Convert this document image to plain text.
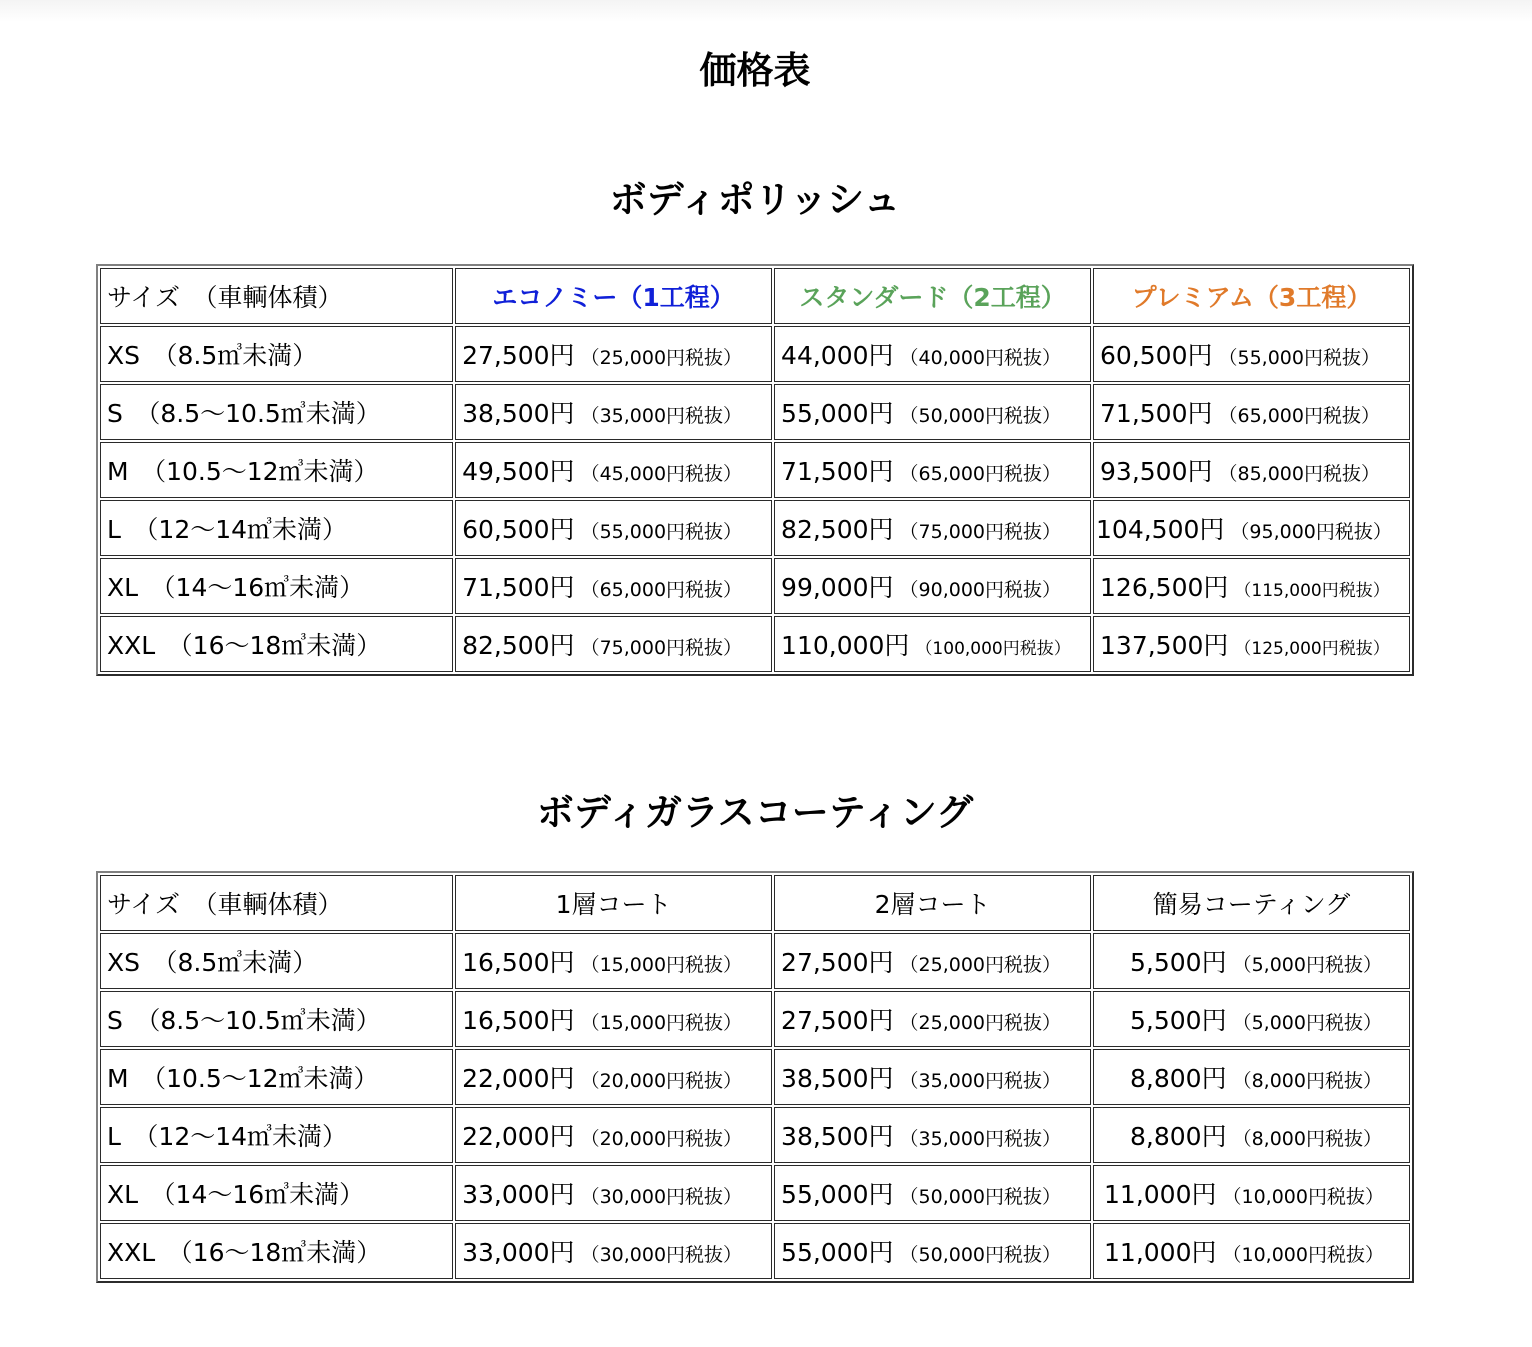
価格表
ボディポリッシュ
サイズ　（車輌体積）	エコノミー（1工程）	スタンダード（2工程）	プレミアム（3工程）
XS　（8.5㎥未満）	27,500円 （25,000円税抜）	44,000円 （40,000円税抜）	60,500円 （55,000円税抜）
S　（8.5〜10.5㎥未満）	38,500円 （35,000円税抜）	55,000円 （50,000円税抜）	71,500円 （65,000円税抜）
M　（10.5〜12㎥未満）	49,500円 （45,000円税抜）	71,500円 （65,000円税抜）	93,500円 （85,000円税抜）
L　（12〜14㎥未満）	60,500円 （55,000円税抜）	82,500円 （75,000円税抜）	104,500円 （95,000円税抜）
XL　（14〜16㎥未満）	71,500円 （65,000円税抜）	99,000円 （90,000円税抜）	126,500円 （115,000円税抜）
XXL　（16〜18㎥未満）	82,500円 （75,000円税抜）	110,000円 （100,000円税抜）	137,500円 （125,000円税抜）
ボディガラスコーティング
サイズ　（車輌体積）	1層コート	2層コート	簡易コーティング
XS　（8.5㎥未満）	16,500円 （15,000円税抜）	27,500円 （25,000円税抜）	5,500円 （5,000円税抜）
S　（8.5〜10.5㎥未満）	16,500円 （15,000円税抜）	27,500円 （25,000円税抜）	5,500円 （5,000円税抜）
M　（10.5〜12㎥未満）	22,000円 （20,000円税抜）	38,500円 （35,000円税抜）	8,800円 （8,000円税抜）
L　（12〜14㎥未満）	22,000円 （20,000円税抜）	38,500円 （35,000円税抜）	8,800円 （8,000円税抜）
XL　（14〜16㎥未満）	33,000円 （30,000円税抜）	55,000円 （50,000円税抜）	11,000円 （10,000円税抜）
XXL　（16〜18㎥未満）	33,000円 （30,000円税抜）	55,000円 （50,000円税抜）	11,000円 （10,000円税抜）
